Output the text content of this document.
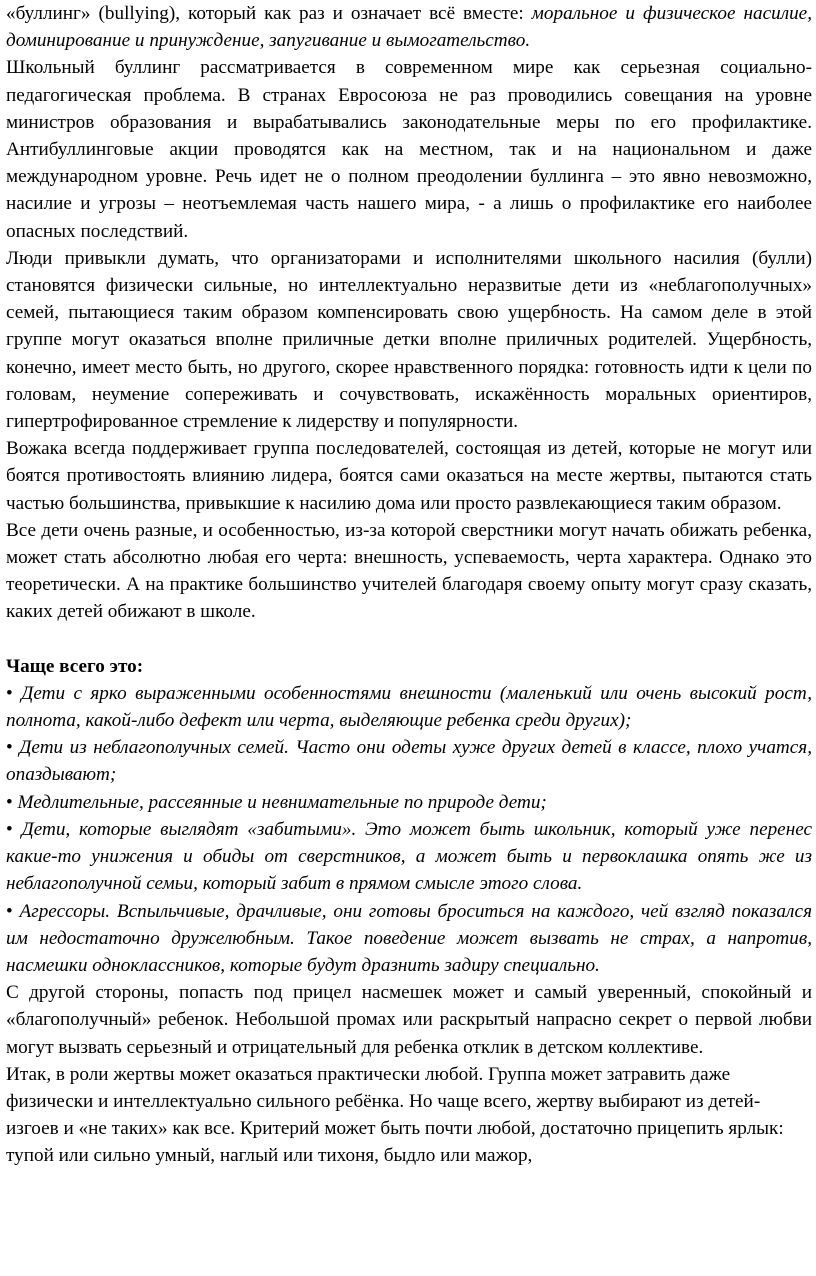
«буллинг» (bullying), который как раз и означает всё вместе: моральное и физическое насилие, доминирование и принуждение, запугивание и вымогательство.

Школьный буллинг рассматривается в современном мире как серьезная социально-педагогическая проблема. В странах Евросоюза не раз проводились совещания на уровне министров образования и вырабатывались законодательные меры по его профилактике. Антибуллинговые акции проводятся как на местном, так и на национальном и даже международном уровне. Речь идет не о полном преодолении буллинга – это явно невозможно, насилие и угрозы – неотъемлемая часть нашего мира, - а лишь о профилактике его наиболее опасных последствий.

Люди привыкли думать, что организаторами и исполнителями школьного насилия (булли) становятся физически сильные, но интеллектуально неразвитые дети из «неблагополучных» семей, пытающиеся таким образом компенсировать свою ущербность. На самом деле в этой группе могут оказаться вполне приличные детки вполне приличных родителей. Ущербность, конечно, имеет место быть, но другого, скорее нравственного порядка: готовность идти к цели по головам, неумение сопереживать и сочувствовать, искажённость моральных ориентиров, гипертрофированное стремление к лидерству и популярности.

Вожака всегда поддерживает группа последователей, состоящая из детей, которые не могут или боятся противостоять влиянию лидера, боятся сами оказаться на месте жертвы, пытаются стать частью большинства, привыкшие к насилию дома или просто развлекающиеся таким образом.

Все дети очень разные, и особенностью, из-за которой сверстники могут начать обижать ребенка, может стать абсолютно любая его черта: внешность, успеваемость, черта характера. Однако это теоретически. А на практике большинство учителей благодаря своему опыту могут сразу сказать, каких детей обижают в школе.

Чаще всего это:

• Дети с ярко выраженными особенностями внешности (маленький или очень высокий рост, полнота, какой-либо дефект или черта, выделяющие ребенка среди других);

• Дети из неблагополучных семей. Часто они одеты хуже других детей в классе, плохо учатся, опаздывают;

• Медлительные, рассеянные и невнимательные по природе дети;

• Дети, которые выглядят «забитыми». Это может быть школьник, который уже перенес какие-то унижения и обиды от сверстников, а может быть и первоклашка опять же из неблагополучной семьи, который забит в прямом смысле этого слова.

• Агрессоры. Вспыльчивые, драчливые, они готовы броситься на каждого, чей взгляд показался им недостаточно дружелюбным. Такое поведение может вызвать не страх, а напротив, насмешки одноклассников, которые будут дразнить задиру специально.

С другой стороны, попасть под прицел насмешек может и самый уверенный, спокойный и «благополучный» ребенок. Небольшой промах или раскрытый напрасно секрет о первой любви могут вызвать серьезный и отрицательный для ребенка отклик в детском коллективе.

Итак, в роли жертвы может оказаться практически любой. Группа может затравить даже физически и интеллектуально сильного ребёнка. Но чаще всего, жертву выбирают из детей-изгоев и «не таких» как все. Критерий может быть почти любой, достаточно прицепить ярлык: тупой или сильно умный, наглый или тихоня, быдло или мажор,
